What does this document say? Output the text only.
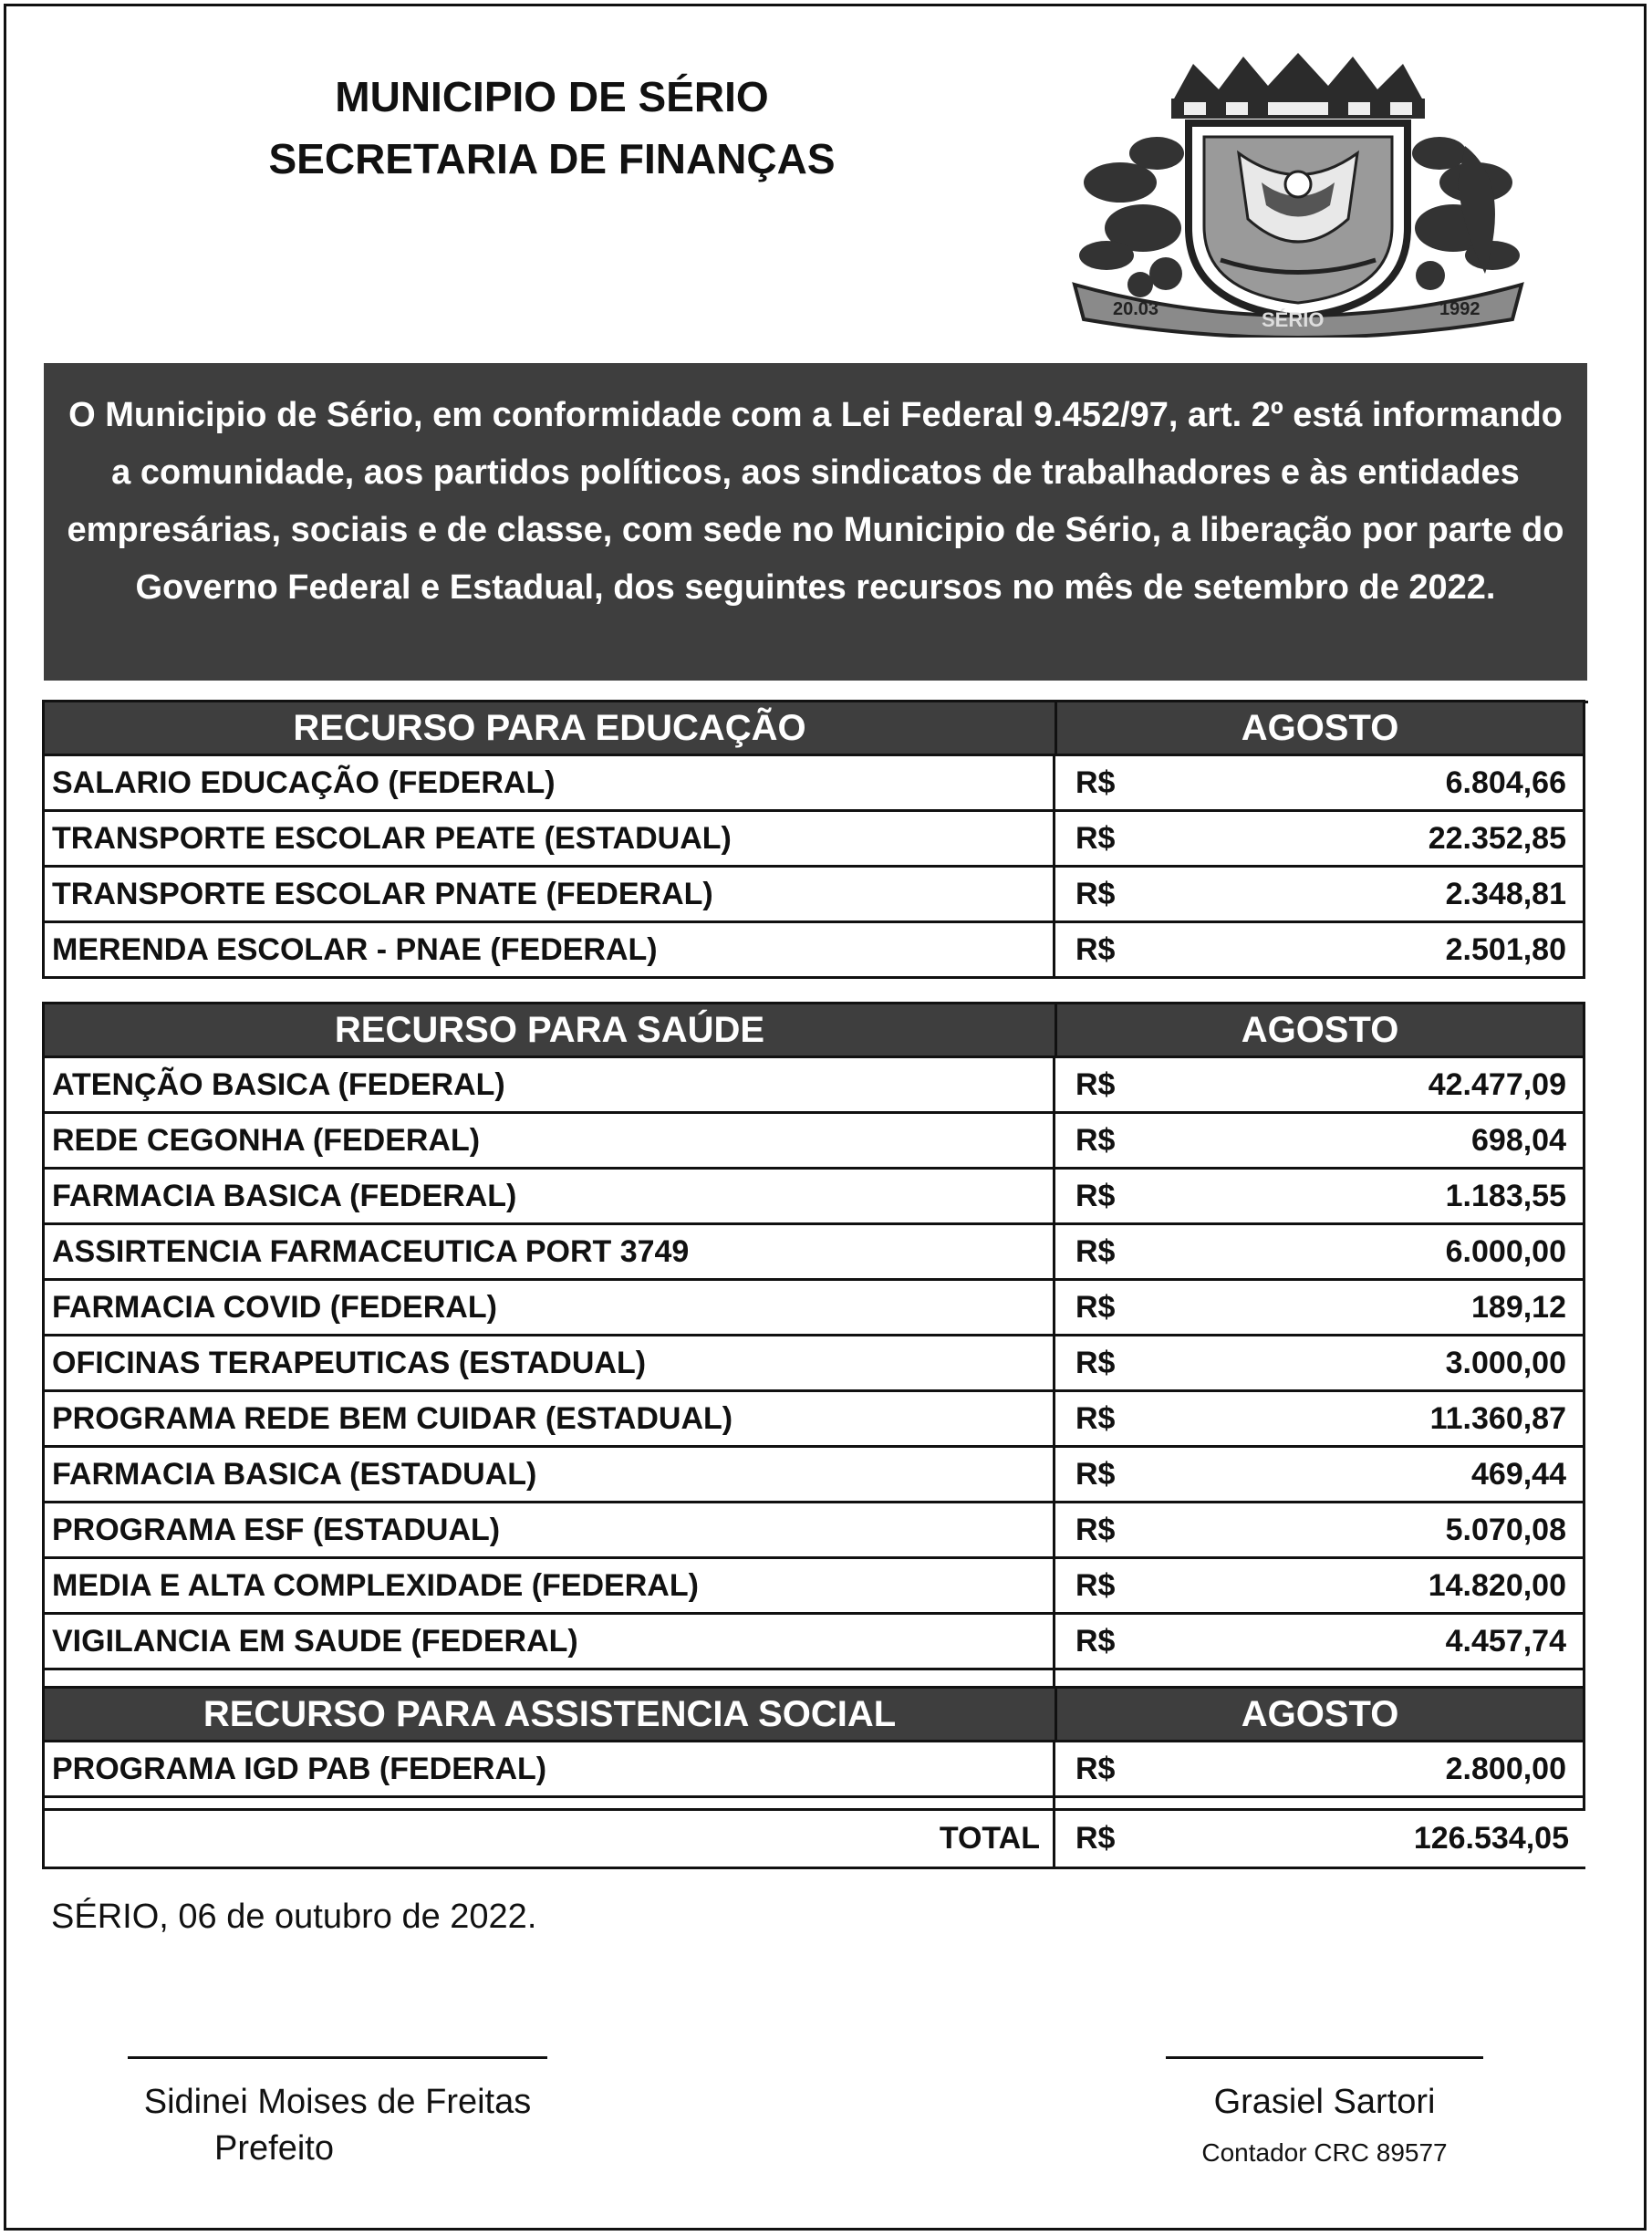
MUNICIPIO DE SÉRIO
SECRETARIA DE FINANÇAS
20.03	SÉRIO	1992

O Municipio de Sério, em conformidade com a Lei Federal 9.452/97, art. 2º está informando a comunidade, aos partidos políticos, aos sindicatos de trabalhadores e às entidades empresárias, sociais e de classe, com sede no Municipio de Sério, a liberação por parte do Governo Federal e Estadual, dos seguintes recursos no mês de setembro de 2022.

RECURSO PARA EDUCAÇÃO	AGOSTO
SALARIO EDUCAÇÃO (FEDERAL)	R$	6.804,66
TRANSPORTE ESCOLAR PEATE (ESTADUAL)	R$	22.352,85
TRANSPORTE ESCOLAR PNATE (FEDERAL)	R$	2.348,81
MERENDA ESCOLAR - PNAE (FEDERAL)	R$	2.501,80
RECURSO PARA SAÚDE	AGOSTO
ATENÇÃO BASICA (FEDERAL)	R$	42.477,09
REDE CEGONHA (FEDERAL)	R$	698,04
FARMACIA BASICA (FEDERAL)	R$	1.183,55
ASSIRTENCIA FARMACEUTICA PORT 3749	R$	6.000,00
FARMACIA COVID (FEDERAL)	R$	189,12
OFICINAS TERAPEUTICAS (ESTADUAL)	R$	3.000,00
PROGRAMA REDE BEM CUIDAR (ESTADUAL)	R$	11.360,87
FARMACIA BASICA (ESTADUAL)	R$	469,44
PROGRAMA ESF (ESTADUAL)	R$	5.070,08
MEDIA E ALTA COMPLEXIDADE (FEDERAL)	R$	14.820,00
VIGILANCIA EM SAUDE (FEDERAL)	R$	4.457,74
RECURSO PARA ASSISTENCIA SOCIAL	AGOSTO
PROGRAMA IGD PAB (FEDERAL)	R$	2.800,00
TOTAL	R$	126.534,05
SÉRIO, 06 de outubro de 2022.
Sidinei Moises de Freitas
Prefeito
Grasiel Sartori
Contador CRC 89577
